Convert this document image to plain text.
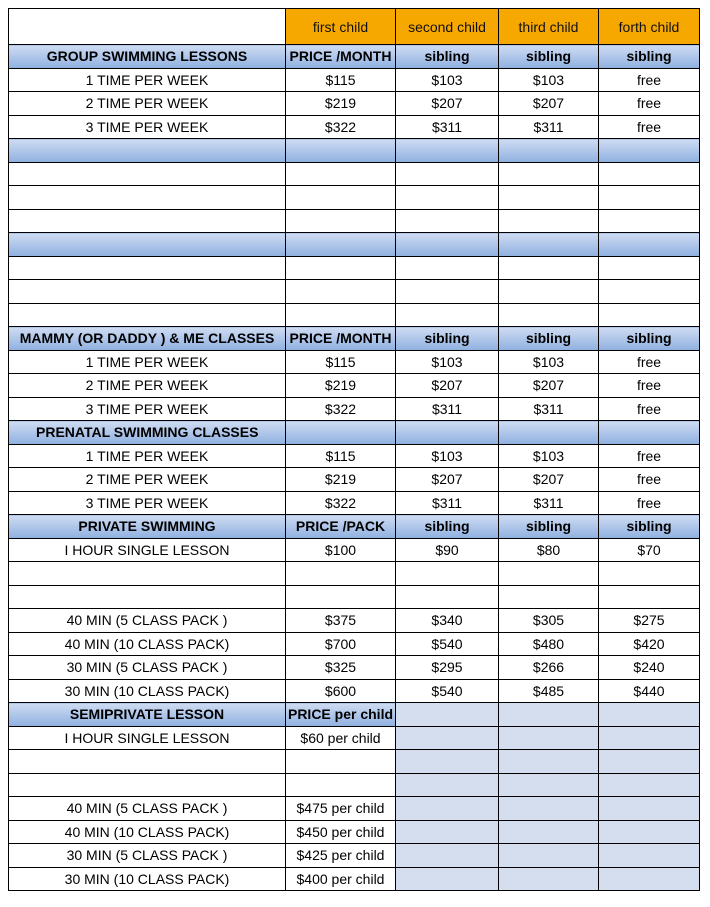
	first child	second child	third child	forth child
GROUP SWIMMING LESSONS	PRICE /MONTH	sibling	sibling	sibling
1 TIME PER WEEK	$115	$103	$103	free
2 TIME PER WEEK	$219	$207	$207	free
3 TIME PER WEEK	$322	$311	$311	free

MAMMY (OR DADDY ) & ME CLASSES	PRICE /MONTH	sibling	sibling	sibling
1 TIME PER WEEK	$115	$103	$103	free
2 TIME PER WEEK	$219	$207	$207	free
3 TIME PER WEEK	$322	$311	$311	free
PRENATAL SWIMMING CLASSES				
1 TIME PER WEEK	$115	$103	$103	free
2 TIME PER WEEK	$219	$207	$207	free
3 TIME PER WEEK	$322	$311	$311	free
PRIVATE SWIMMING	PRICE /PACK	sibling	sibling	sibling
I HOUR SINGLE LESSON	$100	$90	$80	$70

40 MIN (5 CLASS PACK )	$375	$340	$305	$275
40 MIN (10 CLASS PACK)	$700	$540	$480	$420
30 MIN (5 CLASS PACK )	$325	$295	$266	$240
30 MIN (10 CLASS PACK)	$600	$540	$485	$440
SEMIPRIVATE LESSON	PRICE per child			
I HOUR SINGLE LESSON	$60 per child			

40 MIN (5 CLASS PACK )	$475 per child			
40 MIN (10 CLASS PACK)	$450 per child			
30 MIN (5 CLASS PACK )	$425 per child			
30 MIN (10 CLASS PACK)	$400 per child			
